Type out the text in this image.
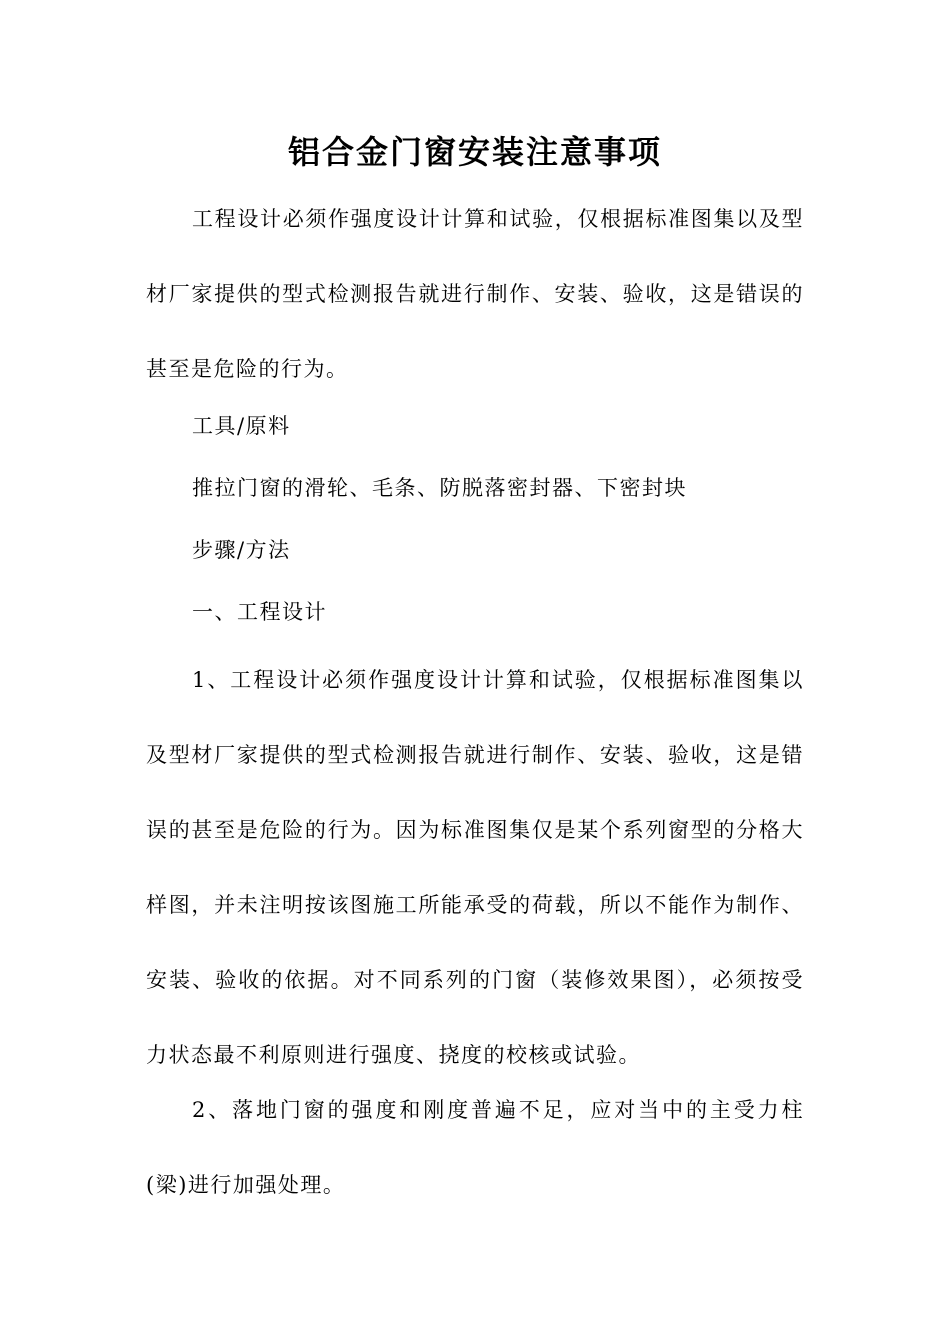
铝合金门窗安装注意事项
工程设计必须作强度设计计算和试验，仅根据标准图集以及型材厂家提供的型式检测报告就进行制作、安装、验收，这是错误的甚至是危险的行为。
工具/原料
推拉门窗的滑轮、毛条、防脱落密封器、下密封块
步骤/方法
一、工程设计
1、工程设计必须作强度设计计算和试验，仅根据标准图集以及型材厂家提供的型式检测报告就进行制作、安装、验收，这是错误的甚至是危险的行为。因为标准图集仅是某个系列窗型的分格大样图，并未注明按该图施工所能承受的荷载，所以不能作为制作、安装、验收的依据。对不同系列的门窗（装修效果图），必须按受力状态最不利原则进行强度、挠度的校核或试验。
2、落地门窗的强度和刚度普遍不足，应对当中的主受力柱(梁)进行加强处理。
